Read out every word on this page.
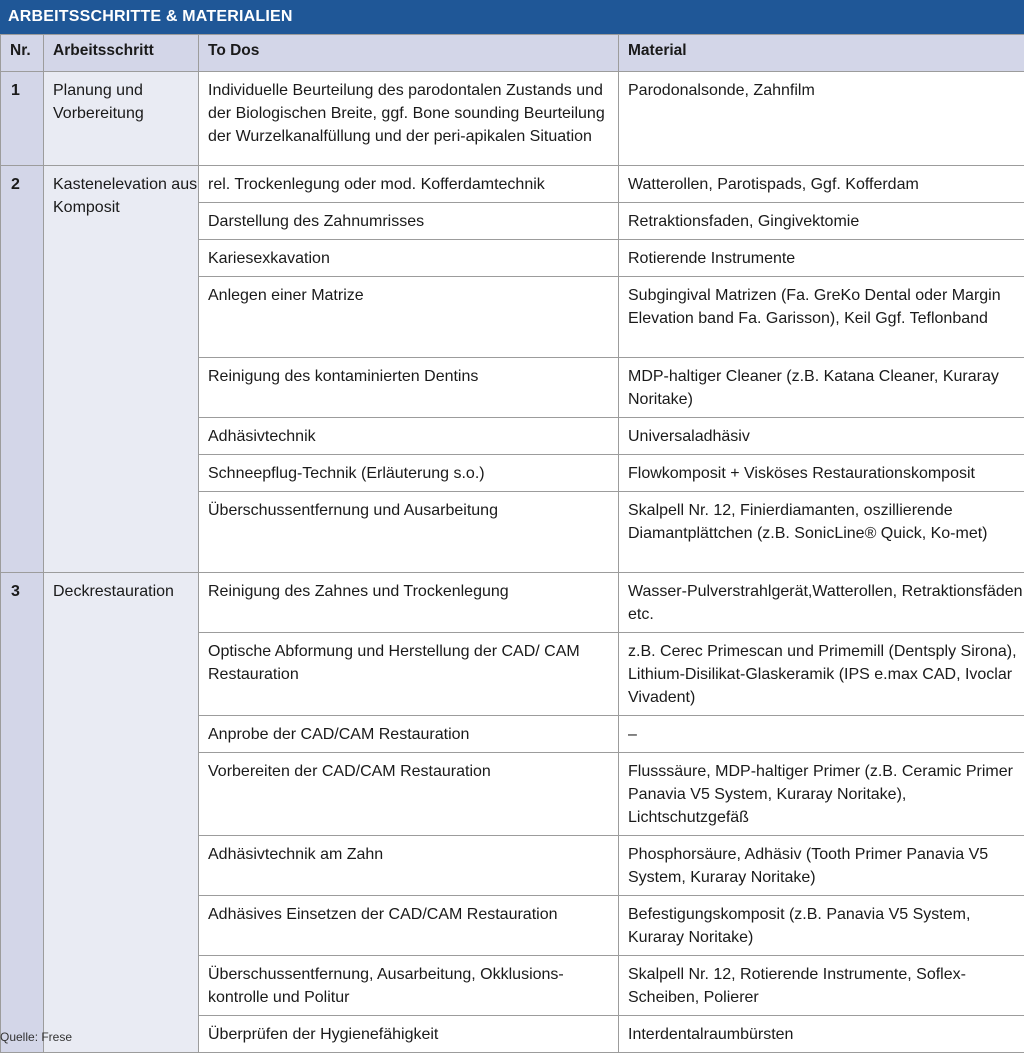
ARBEITSSCHRITTE & MATERIALIEN
Nr.	Arbeitsschritt	To Dos	Material
1	Planung und Vorbereitung	Individuelle Beurteilung des parodontalen Zustands und der Biologischen Breite, ggf. Bone sounding Beurteilung der Wurzelkanalfüllung und der peri-apikalen Situation	Parodonalsonde, Zahnfilm
2	Kastenelevation aus Komposit	rel. Trockenlegung oder mod. Kofferdamtechnik	Watterollen, Parotispads, Ggf. Kofferdam
		Darstellung des Zahnumrisses	Retraktionsfaden, Gingivektomie
		Kariesexkavation	Rotierende Instrumente
		Anlegen einer Matrize	Subgingival Matrizen (Fa. GreKo Dental oder Margin Elevation band Fa. Garisson), Keil Ggf. Teflonband
		Reinigung des kontaminierten Dentins	MDP-haltiger Cleaner (z.B. Katana Cleaner, Kuraray Noritake)
		Adhäsivtechnik	Universaladhäsiv
		Schneepflug-Technik (Erläuterung s.o.)	Flowkomposit + Visköses Restaurationskomposit
		Überschussentfernung und Ausarbeitung	Skalpell Nr. 12, Finierdiamanten, oszillierende Diamantplättchen (z.B. SonicLine® Quick, Ko-met)
3	Deckrestauration	Reinigung des Zahnes und Trockenlegung	Wasser-Pulverstrahlgerät,Watterollen, Retraktionsfäden etc.
		Optische Abformung und Herstellung der CAD/ CAM Restauration	z.B. Cerec Primescan und Primemill (Dentsply Sirona), Lithium-Disilikat-Glaskeramik (IPS e.max CAD, Ivoclar Vivadent)
		Anprobe der CAD/CAM Restauration	–
		Vorbereiten der CAD/CAM Restauration	Flusssäure, MDP-haltiger Primer (z.B. Ceramic Primer Panavia V5 System, Kuraray Noritake), Lichtschutzgefäß
		Adhäsivtechnik am Zahn	Phosphorsäure, Adhäsiv (Tooth Primer Panavia V5 System, Kuraray Noritake)
		Adhäsives Einsetzen der CAD/CAM Restauration	Befestigungskomposit (z.B. Panavia V5 System, Kuraray Noritake)
		Überschussentfernung, Ausarbeitung, Okklusions-kontrolle und Politur	Skalpell Nr. 12, Rotierende Instrumente, Soflex-Scheiben, Polierer
		Überprüfen der Hygienefähigkeit	Interdentalraumbürsten
Quelle: Frese
